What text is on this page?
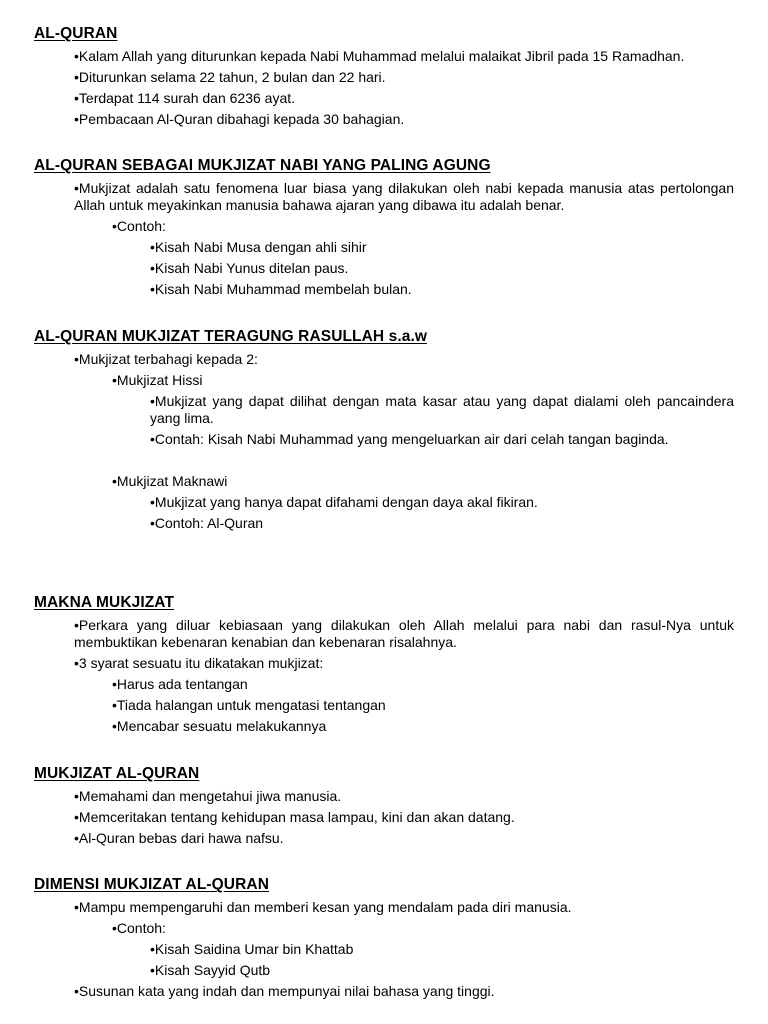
AL-QURAN
•Kalam Allah yang diturunkan kepada Nabi Muhammad melalui malaikat Jibril pada 15 Ramadhan.
•Diturunkan selama 22 tahun, 2 bulan dan 22 hari.
•Terdapat 114 surah dan 6236 ayat.
•Pembacaan Al-Quran dibahagi kepada 30 bahagian.
AL-QURAN SEBAGAI MUKJIZAT NABI YANG PALING AGUNG
•Mukjizat adalah satu fenomena luar biasa yang dilakukan oleh nabi kepada manusia atas pertolongan Allah untuk meyakinkan manusia bahawa ajaran yang dibawa itu adalah benar.
•Contoh:
•Kisah Nabi Musa dengan ahli sihir
•Kisah Nabi Yunus ditelan paus.
•Kisah Nabi Muhammad membelah bulan.
AL-QURAN MUKJIZAT TERAGUNG RASULLAH s.a.w
•Mukjizat terbahagi kepada 2:
•Mukjizat Hissi
•Mukjizat yang dapat dilihat dengan mata kasar atau yang dapat dialami oleh pancaindera yang lima.
•Contah: Kisah Nabi Muhammad yang mengeluarkan air dari celah tangan baginda.
•Mukjizat Maknawi
•Mukjizat yang hanya dapat difahami dengan daya akal fikiran.
•Contoh: Al-Quran
MAKNA MUKJIZAT
•Perkara yang diluar kebiasaan yang dilakukan oleh Allah melalui para nabi dan rasul-Nya untuk membuktikan kebenaran kenabian dan kebenaran risalahnya.
•3 syarat sesuatu itu dikatakan mukjizat:
•Harus ada tentangan
•Tiada halangan untuk mengatasi tentangan
•Mencabar sesuatu melakukannya
MUKJIZAT AL-QURAN
•Memahami dan mengetahui jiwa manusia.
•Memceritakan tentang kehidupan masa lampau, kini dan akan datang.
•Al-Quran bebas dari hawa nafsu.
DIMENSI MUKJIZAT AL-QURAN
•Mampu mempengaruhi dan memberi kesan yang mendalam pada diri manusia.
•Contoh:
•Kisah Saidina Umar bin Khattab
•Kisah Sayyid Qutb
•Susunan kata yang indah dan mempunyai nilai bahasa yang tinggi.
